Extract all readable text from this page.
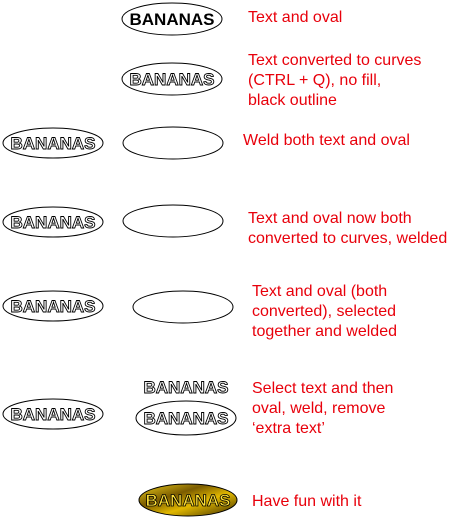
BANANAS
BANANAS
BANANAS
BANANAS
BANANAS
BANANAS
BANANAS	BANANAS
BANANAS
Text and oval
Text converted to curves
(CTRL + Q), no fill,
black outline
Weld both text and oval
Text and oval now both
converted to curves, welded
Text and oval (both
converted), selected
together and welded
Select text and then
oval, weld, remove
‘extra text’
Have fun with it
